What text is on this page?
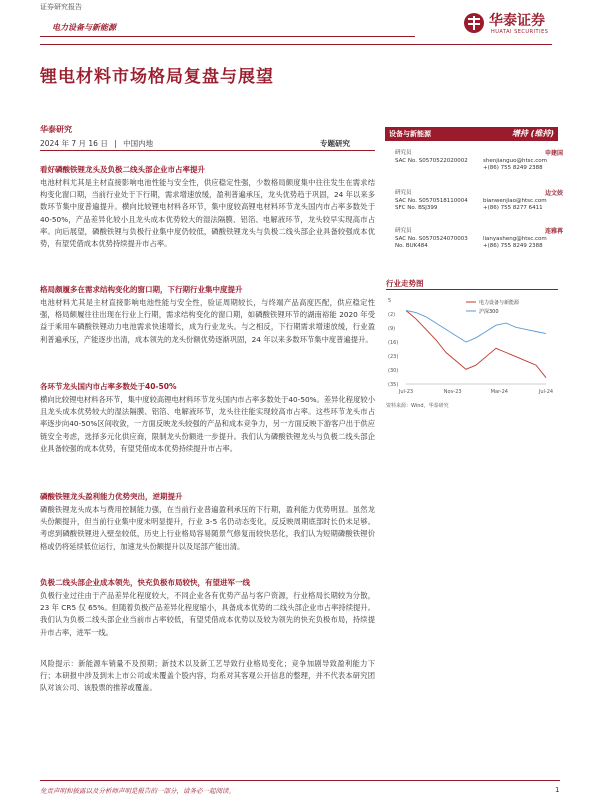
证券研究报告
电力设备与新能源	华泰证券
HUATAI SECURITIES
锂电材料市场格局复盘与展望
华泰研究
2024 年 7 月 16 日 | 中国内地	专题研究
看好磷酸铁锂龙头及负极二线头部企业市占率提升
电池材料尤其是主材直接影响电池性能与安全性，供应稳定性强，少数格局颇度集中往往发生在需求结构变化窗口期，当前行业处于下行期，需求增速放缓，盈利普遍承压，龙头优势趋于巩固，24 年以来多数环节集中度普遍提升。横向比较锂电材料各环节，集中度较高锂电材料环节龙头国内市占率多数处于40-50%，产品差异化较小且龙头成本优势较大的湿法隔膜、铝箔、电解液环节，龙头较早实现高市占率。向后展望，磷酸铁锂与负极行业集中度仍较低，磷酸铁锂龙头与负极二线头部企业具备较强成本优势，有望凭借成本优势持续提升市占率。
格局颇履多在需求结构变化的窗口期，下行期行业集中度提升
电池材料尤其是主材直接影响电池性能与安全性，验证周期较长，与终端产品高度匹配，供应稳定性强，格局颇履往往出现在行业上行期，需求结构变化的窗口期，如磷酸铁锂环节的湖南裕能 2020 年受益于乘用车磷酸铁锂动力电池需求快速增长，成为行业龙头。与之相反，下行期需求增速放缓，行业盈利普遍承压，产能逐步出清，成本领先的龙头份额优势逐渐巩固，24 年以来多数环节集中度普遍提升。
各环节龙头国内市占率多数处于40-50%
横向比较锂电材料各环节，集中度较高锂电材料环节龙头国内市占率多数处于40-50%。差异化程度较小且龙头成本优势较大的湿法隔膜、铝箔、电解液环节，龙头往往能实现较高市占率。这些环节龙头市占率逐步向40-50%区间收敛，一方面反映龙头较强的产品和成本竞争力，另一方面反映下游客户出于供应链安全考虑，选择多元化供应商，限制龙头份额进一步提升。我们认为磷酸铁锂龙头与负极二线头部企业具备较强的成本优势，有望凭借成本优势持续提升市占率。
磷酸铁锂龙头盈利能力优势突出，逆期提升
磷酸铁锂龙头成本与费用控制能力强，在当前行业普遍盈利承压的下行期，盈利能力优势明显。虽然龙头份额提升，但当前行业集中度未明显提升，行业 3-5 名仍动态变化，反反映周期底部时长仍未足够。考虑到磷酸铁锂进入壁垒较低，历史上行业格局容易随景气修复而较快恶化，我们认为短期磷酸铁锂价格或仍将延续低位运行，加速龙头份额提升以及尾部产能出清。
负极二线头部企业成本领先，快充负极布局较快，有望进军一线
负极行业过往由于产品差异化程度较大，不同企业各有优势产品与客户资源，行业格局长期较为分散，23 年 CR5 仅 65%。但随着负极产品差异化程度缩小，具备成本优势的二线头部企业市占率持续提升。我们认为负极二线头部企业当前市占率较低，有望凭借成本优势以及较为领先的快充负极布局，持续提升市占率，进军一线。
风险提示：新能源车销量不及预期；新技术以及新工艺导致行业格局变化；竞争加剧导致盈利能力下行；本研报中涉及到未上市公司或未覆盖个股内容，均系对其客观公开信息的整理，并不代表本研究团队对该公司、该股票的推荐或覆盖。
设备与新能源	增持 (维持)
研究员	申建国
SAC No. S0570522020002	shenjianguo@htsc.com
+(86) 755 8249 2388
研究员	边文姣
SAC No. S0570518110004	bianwenjiao@htsc.com
SFC No. BSJ399	+(86) 755 8277 6411
研究员	连雅苒
SAC No. S0570524070003	lianyasheng@htsc.com
No. BUK484	+(86) 755 8249 2388
行业走势图
5
(2)
(9)
(16)
(23)
(30)
(35)
Jul-23	Nov-23	Mar-24	Jul-24
电力设备与新能源
沪深300
资料来源：Wind，华泰研究
免责声明和披露以及分析师声明是报告的一部分，请务必一起阅读。	1
